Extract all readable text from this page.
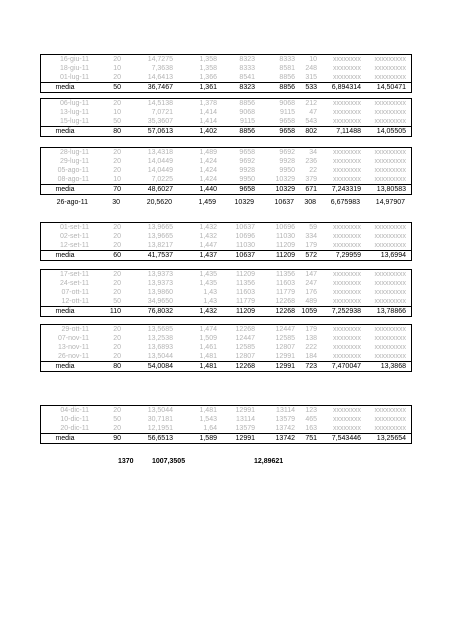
16-giu-11	20	14,7275	1,358	8323	8333	10	xxxxxxxx	xxxxxxxxx
18-giu-11	10	7,3638	1,358	8333	8581	248	xxxxxxxx	xxxxxxxxx
01-lug-11	20	14,6413	1,366	8541	8856	315	xxxxxxxx	xxxxxxxxx
media	50	36,7467	1,361	8323	8856	533	6,894314	14,50471
06-lug-11	20	14,5138	1,378	8856	9068	212	xxxxxxxx	xxxxxxxxx
13-lug-11	10	7,0721	1,414	9068	9115	47	xxxxxxxx	xxxxxxxxx
15-lug-11	50	35,3607	1,414	9115	9658	543	xxxxxxxx	xxxxxxxxx
media	80	57,0613	1,402	8856	9658	802	7,11488	14,05505
28-lug-11	20	13,4318	1,489	9658	9692	34	xxxxxxxx	xxxxxxxxx
29-lug-11	20	14,0449	1,424	9692	9928	236	xxxxxxxx	xxxxxxxxx
05-ago-11	20	14,0449	1,424	9928	9950	22	xxxxxxxx	xxxxxxxxx
08-ago-11	10	7,0225	1,424	9950	10329	379	xxxxxxxx	xxxxxxxxx
media	70	48,6027	1,440	9658	10329	671	7,243319	13,80583
01-set-11	20	13,9665	1,432	10637	10696	59	xxxxxxxx	xxxxxxxxx
02-set-11	20	13,9665	1,432	10696	11030	334	xxxxxxxx	xxxxxxxxx
12-set-11	20	13,8217	1,447	11030	11209	179	xxxxxxxx	xxxxxxxxx
media	60	41,7537	1,437	10637	11209	572	7,29959	13,6994
17-set-11	20	13,9373	1,435	11209	11356	147	xxxxxxxx	xxxxxxxxx
24-set-11	20	13,9373	1,435	11356	11603	247	xxxxxxxx	xxxxxxxxx
07-ott-11	20	13,9860	1,43	11603	11779	176	xxxxxxxx	xxxxxxxxx
12-ott-11	50	34,9650	1,43	11779	12268	489	xxxxxxxx	xxxxxxxxx
media	110	76,8032	1,432	11209	12268 1059	7,252938	13,78866
29-ott-11	20	13,5685	1,474	12268	12447	179	xxxxxxxx	xxxxxxxxx
07-nov-11	20	13,2538	1,509	12447	12585	138	xxxxxxxx	xxxxxxxxx
13-nov-11	20	13,6893	1,461	12585	12807	222	xxxxxxxx	xxxxxxxxx
26-nov-11	20	13,5044	1,481	12807	12991	184	xxxxxxxx	xxxxxxxxx
media	80	54,0084	1,481	12268	12991	723	7,470047	13,3868
04-dic-11	20	13,5044	1,481	12991	13114	123	xxxxxxxx	xxxxxxxxx
10-dic-11	50	30,7181	1,543	13114	13579	465	xxxxxxxx	xxxxxxxxx
20-dic-11	20	12,1951	1,64	13579	13742	163	xxxxxxxx	xxxxxxxxx
media	90	56,6513	1,589	12991	13742	751	7,543446	13,25654
26-ago-11	30	20,5620	1,459	10329	10637	308	6,675983	14,97907
1370	1007,3505	12,89621
